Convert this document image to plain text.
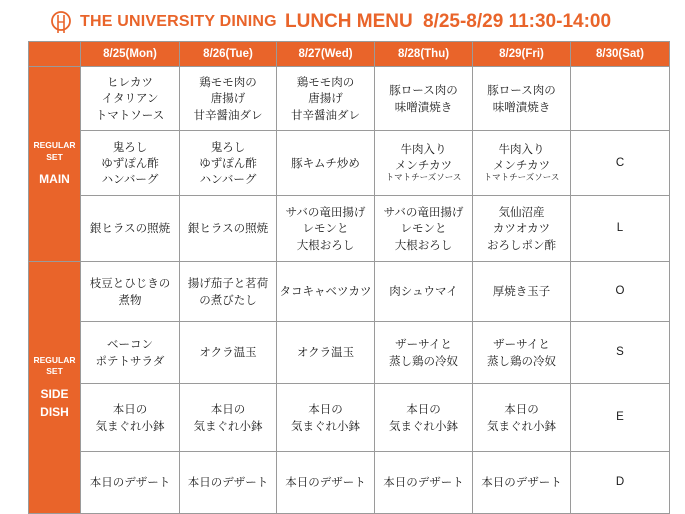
THE UNIVERSITY DINING LUNCH MENU 8/25-8/29 11:30-14:00
	8/25(Mon)	8/26(Tue)	8/27(Wed)	8/28(Thu)	8/29(Fri)	8/30(Sat)

REGULAR
SET
MAIN	ヒレカツ
イタリアン
トマトソース	鶏モモ肉の
唐揚げ
甘辛醤油ダレ	鶏モモ肉の
唐揚げ
甘辛醤油ダレ	豚ロース肉の
味噌漬焼き	豚ロース肉の
味噌漬焼き	

	鬼ろし
ゆずぽん酢
ハンバーグ	鬼ろし
ゆずぽん酢
ハンバーグ	豚キムチ炒め	牛肉入り
メンチカツ
トマトチーズソース	牛肉入り
メンチカツ
トマトチーズソース	C

	銀ヒラスの照焼	銀ヒラスの照焼	サバの竜田揚げ
レモンと
大根おろし	サバの竜田揚げ
レモンと
大根おろし	気仙沼産
カツオカツ
おろしポン酢	L

REGULAR
SET
SIDE
DISH	枝豆とひじきの
煮物	揚げ茄子と茗荷
の煮びたし	タコキャベツカツ	肉シュウマイ	厚焼き玉子	O

	ベーコン
ポテトサラダ	オクラ温玉	オクラ温玉	ザーサイと
蒸し鶏の冷奴	ザーサイと
蒸し鶏の冷奴	S

	本日の
気まぐれ小鉢	本日の
気まぐれ小鉢	本日の
気まぐれ小鉢	本日の
気まぐれ小鉢	本日の
気まぐれ小鉢	E

	本日のデザート	本日のデザート	本日のデザート	本日のデザート	本日のデザート	D
